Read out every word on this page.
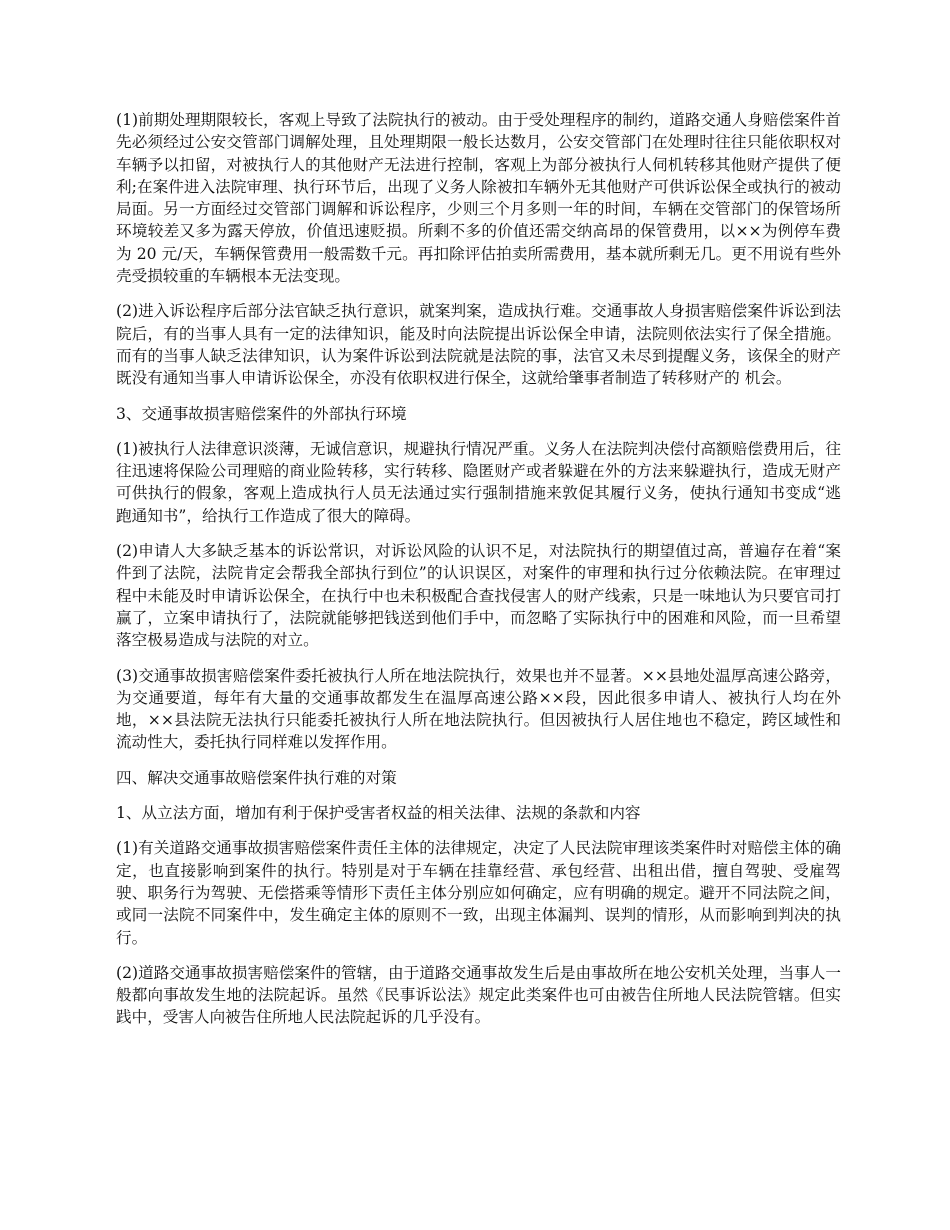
(1)前期处理期限较长，客观上导致了法院执行的被动。由于受处理程序的制约，道路交通人身赔偿案件首先必须经过公安交管部门调解处理，且处理期限一般长达数月，公安交管部门在处理时往往只能依职权对车辆予以扣留，对被执行人的其他财产无法进行控制，客观上为部分被执行人伺机转移其他财产提供了便利;在案件进入法院审理、执行环节后，出现了义务人除被扣车辆外无其他财产可供诉讼保全或执行的被动局面。另一方面经过交管部门调解和诉讼程序，少则三个月多则一年的时间，车辆在交管部门的保管场所环境较差又多为露天停放，价值迅速贬损。所剩不多的价值还需交纳高昂的保管费用，以××为例停车费为 20 元/天，车辆保管费用一般需数千元。再扣除评估拍卖所需费用，基本就所剩无几。更不用说有些外壳受损较重的车辆根本无法变现。

(2)进入诉讼程序后部分法官缺乏执行意识，就案判案，造成执行难。交通事故人身损害赔偿案件诉讼到法院后，有的当事人具有一定的法律知识，能及时向法院提出诉讼保全申请，法院则依法实行了保全措施。而有的当事人缺乏法律知识，认为案件诉讼到法院就是法院的事，法官又未尽到提醒义务，该保全的财产既没有通知当事人申请诉讼保全，亦没有依职权进行保全，这就给肇事者制造了转移财产的 机会。

3、交通事故损害赔偿案件的外部执行环境

(1)被执行人法律意识淡薄，无诚信意识，规避执行情况严重。义务人在法院判决偿付高额赔偿费用后，往往迅速将保险公司理赔的商业险转移，实行转移、隐匿财产或者躲避在外的方法来躲避执行，造成无财产可供执行的假象，客观上造成执行人员无法通过实行强制措施来敦促其履行义务，使执行通知书变成“逃跑通知书”，给执行工作造成了很大的障碍。

(2)申请人大多缺乏基本的诉讼常识，对诉讼风险的认识不足，对法院执行的期望值过高，普遍存在着“案件到了法院，法院肯定会帮我全部执行到位”的认识误区，对案件的审理和执行过分依赖法院。在审理过程中未能及时申请诉讼保全，在执行中也未积极配合查找侵害人的财产线索，只是一味地认为只要官司打赢了，立案申请执行了，法院就能够把钱送到他们手中，而忽略了实际执行中的困难和风险，而一旦希望落空极易造成与法院的对立。

(3)交通事故损害赔偿案件委托被执行人所在地法院执行，效果也并不显著。××县地处温厚高速公路旁，为交通要道，每年有大量的交通事故都发生在温厚高速公路××段，因此很多申请人、被执行人均在外地，××县法院无法执行只能委托被执行人所在地法院执行。但因被执行人居住地也不稳定，跨区域性和流动性大，委托执行同样难以发挥作用。

四、解决交通事故赔偿案件执行难的对策

1、从立法方面，增加有利于保护受害者权益的相关法律、法规的条款和内容

(1)有关道路交通事故损害赔偿案件责任主体的法律规定，决定了人民法院审理该类案件时对赔偿主体的确定，也直接影响到案件的执行。特别是对于车辆在挂靠经营、承包经营、出租出借，擅自驾驶、受雇驾驶、职务行为驾驶、无偿搭乘等情形下责任主体分别应如何确定，应有明确的规定。避开不同法院之间，或同一法院不同案件中，发生确定主体的原则不一致，出现主体漏判、误判的情形，从而影响到判决的执行。

(2)道路交通事故损害赔偿案件的管辖，由于道路交通事故发生后是由事故所在地公安机关处理，当事人一般都向事故发生地的法院起诉。虽然《民事诉讼法》规定此类案件也可由被告住所地人民法院管辖。但实践中，受害人向被告住所地人民法院起诉的几乎没有。
